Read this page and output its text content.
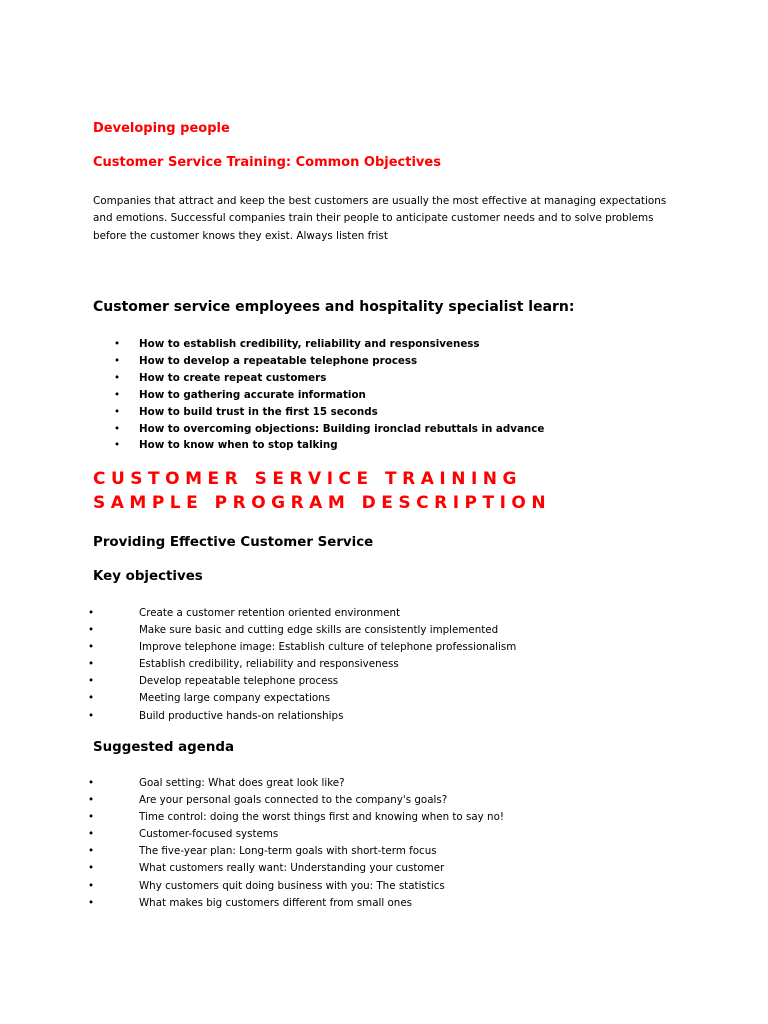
Developing people
Customer Service Training: Common Objectives

Companies that attract and keep the best customers are usually the most effective at managing expectations and emotions. Successful companies train their people to anticipate customer needs and to solve problems before the customer knows they exist. Always listen frist

Customer service employees and hospitality specialist learn:
• How to establish credibility, reliability and responsiveness
• How to develop a repeatable telephone process
• How to create repeat customers
• How to gathering accurate information
• How to build trust in the first 15 seconds
• How to overcoming objections: Building ironclad rebuttals in advance
• How to know when to stop talking
CUSTOMER SERVICE TRAINING
SAMPLE PROGRAM DESCRIPTION
Providing Effective Customer Service
Key objectives
•	Create a customer retention oriented environment
•	Make sure basic and cutting edge skills are consistently implemented
•	Improve telephone image: Establish culture of telephone professionalism
•	Establish credibility, reliability and responsiveness
•	Develop repeatable telephone process
•	Meeting large company expectations
•	Build productive hands-on relationships
Suggested agenda
•	Goal setting: What does great look like?
•	Are your personal goals connected to the company's goals?
•	Time control: doing the worst things first and knowing when to say no!
•	Customer-focused systems
•	The five-year plan: Long-term goals with short-term focus
•	What customers really want: Understanding your customer
•	Why customers quit doing business with you: The statistics
•	What makes big customers different from small ones
